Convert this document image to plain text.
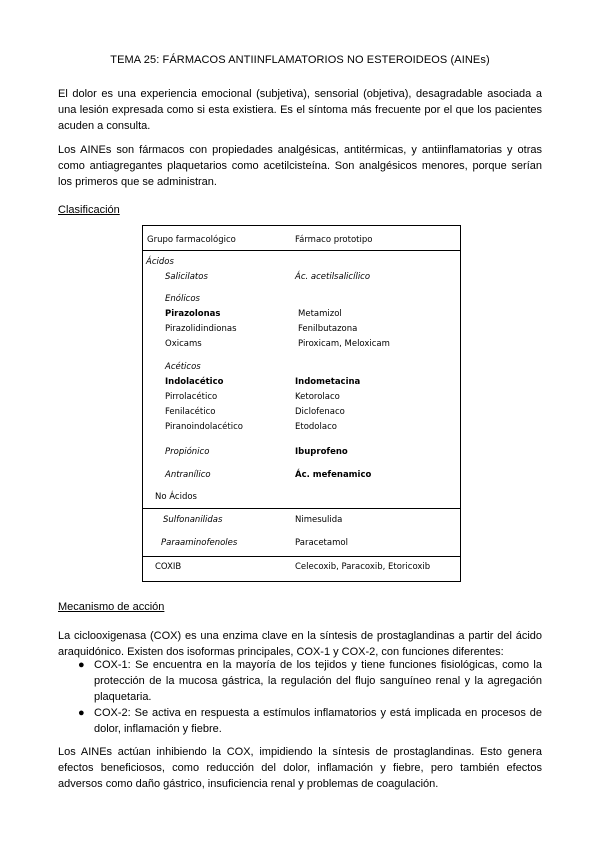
TEMA 25: FÁRMACOS ANTIINFLAMATORIOS NO ESTEROIDEOS (AINEs)
El dolor es una experiencia emocional (subjetiva), sensorial (objetiva), desagradable asociada a una lesión expresada como si esta existiera. Es el síntoma más frecuente por el que los pacientes acuden a consulta.
Los AINEs son fármacos con propiedades analgésicas, antitérmicas, y antiinflamatorias y otras como antiagregantes plaquetarios como acetilcisteína. Son analgésicos menores, porque serían los primeros que se administran.
Clasificación
Grupo farmacológico	Fármaco prototipo
Ácidos
Salicilatos	Ác. acetilsalicílico
Enólicos
Pirazolonas	Metamizol
Pirazolidindionas	Fenilbutazona
Oxicams	Piroxicam, Meloxicam
Acéticos
Indolacético	Indometacina
Pirrolacético	Ketorolaco
Fenilacético	Diclofenaco
Piranoindolacético	Etodolaco
Propiónico	Ibuprofeno
Antranílico	Ác. mefenamico
No Ácidos
Sulfonanilidas	Nimesulida
Paraaminofenoles	Paracetamol
COXIB	Celecoxib, Paracoxib, Etoricoxib
Mecanismo de acción
La ciclooxigenasa (COX) es una enzima clave en la síntesis de prostaglandinas a partir del ácido araquidónico. Existen dos isoformas principales, COX-1 y COX-2, con funciones diferentes:
● COX-1: Se encuentra en la mayoría de los tejidos y tiene funciones fisiológicas, como la protección de la mucosa gástrica, la regulación del flujo sanguíneo renal y la agregación plaquetaria.
● COX-2: Se activa en respuesta a estímulos inflamatorios y está implicada en procesos de dolor, inflamación y fiebre.
Los AINEs actúan inhibiendo la COX, impidiendo la síntesis de prostaglandinas. Esto genera efectos beneficiosos, como reducción del dolor, inflamación y fiebre, pero también efectos adversos como daño gástrico, insuficiencia renal y problemas de coagulación.
